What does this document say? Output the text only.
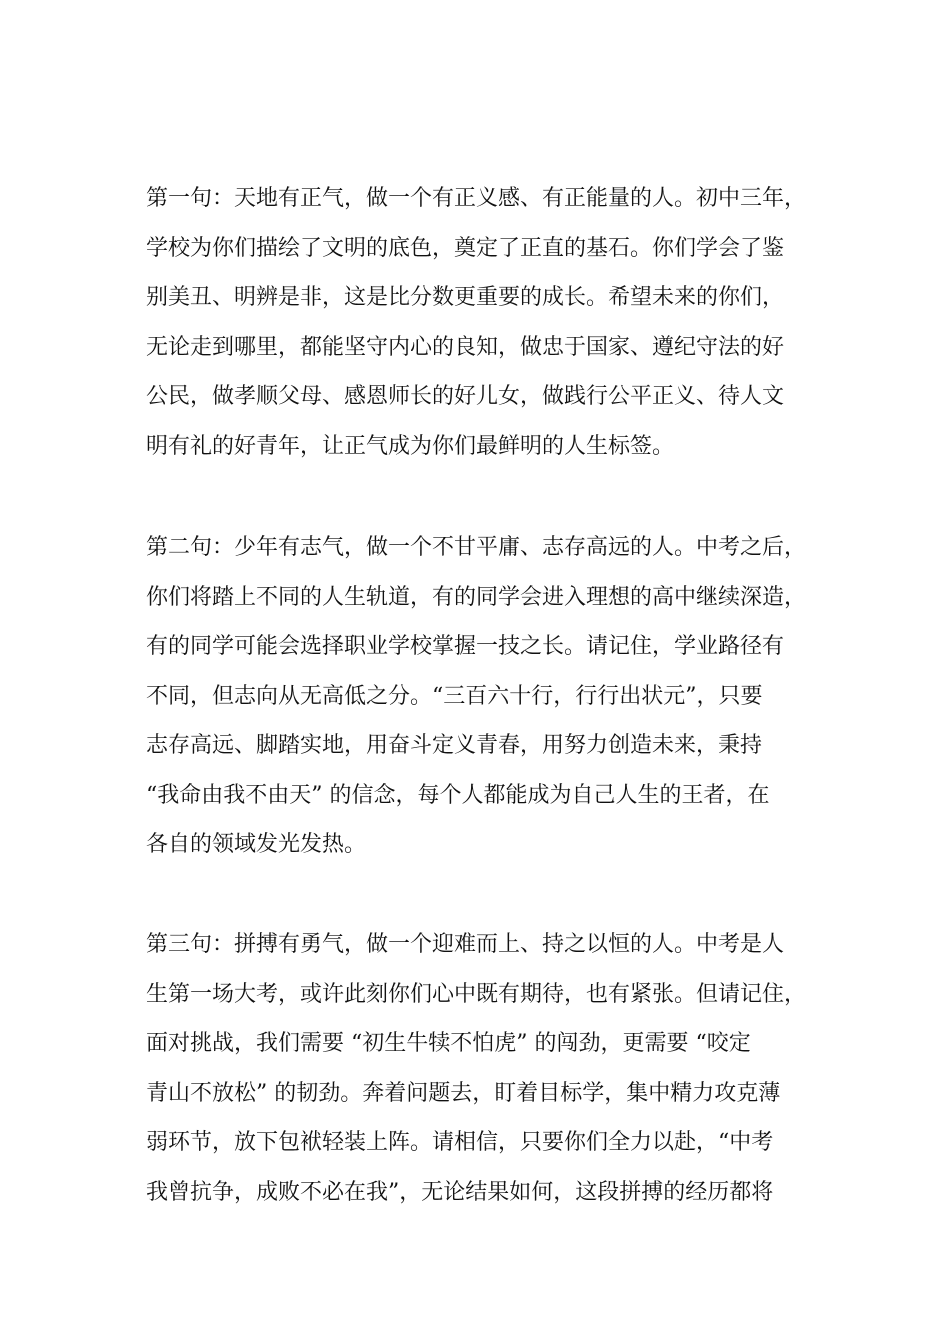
第一句：天地有正气，做一个有正义感、有正能量的人。初中三年，
学校为你们描绘了文明的底色，奠定了正直的基石。你们学会了鉴
别美丑、明辨是非，这是比分数更重要的成长。希望未来的你们，
无论走到哪里，都能坚守内心的良知，做忠于国家、遵纪守法的好
公民，做孝顺父母、感恩师长的好儿女，做践行公平正义、待人文
明有礼的好青年，让正气成为你们最鲜明的人生标签。
第二句：少年有志气，做一个不甘平庸、志存高远的人。中考之后，
你们将踏上不同的人生轨道，有的同学会进入理想的高中继续深造，
有的同学可能会选择职业学校掌握一技之长。请记住，学业路径有
不同，但志向从无高低之分。“三百六十行，行行出状元”，只要
志存高远、脚踏实地，用奋斗定义青春，用努力创造未来，秉持
“我命由我不由天” 的信念，每个人都能成为自己人生的王者，在
各自的领域发光发热。
第三句：拼搏有勇气，做一个迎难而上、持之以恒的人。中考是人
生第一场大考，或许此刻你们心中既有期待，也有紧张。但请记住，
面对挑战，我们需要 “初生牛犊不怕虎” 的闯劲，更需要 “咬定
青山不放松” 的韧劲。奔着问题去，盯着目标学，集中精力攻克薄
弱环节，放下包袱轻装上阵。请相信，只要你们全力以赴，“中考
我曾抗争，成败不必在我”，无论结果如何，这段拼搏的经历都将
